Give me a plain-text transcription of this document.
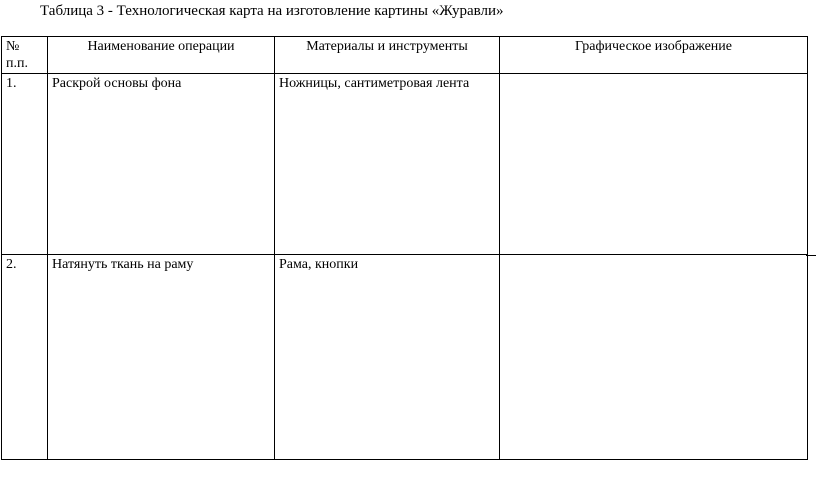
Таблица 3 - Технологическая карта на изготовление картины «Журавли»
№ п.п.	Наименование операции	Материалы и инструменты	Графическое изображение
1.	Раскрой основы фона	Ножницы, сантиметровая лента	
2.	Натянуть ткань на раму	Рама, кнопки	
